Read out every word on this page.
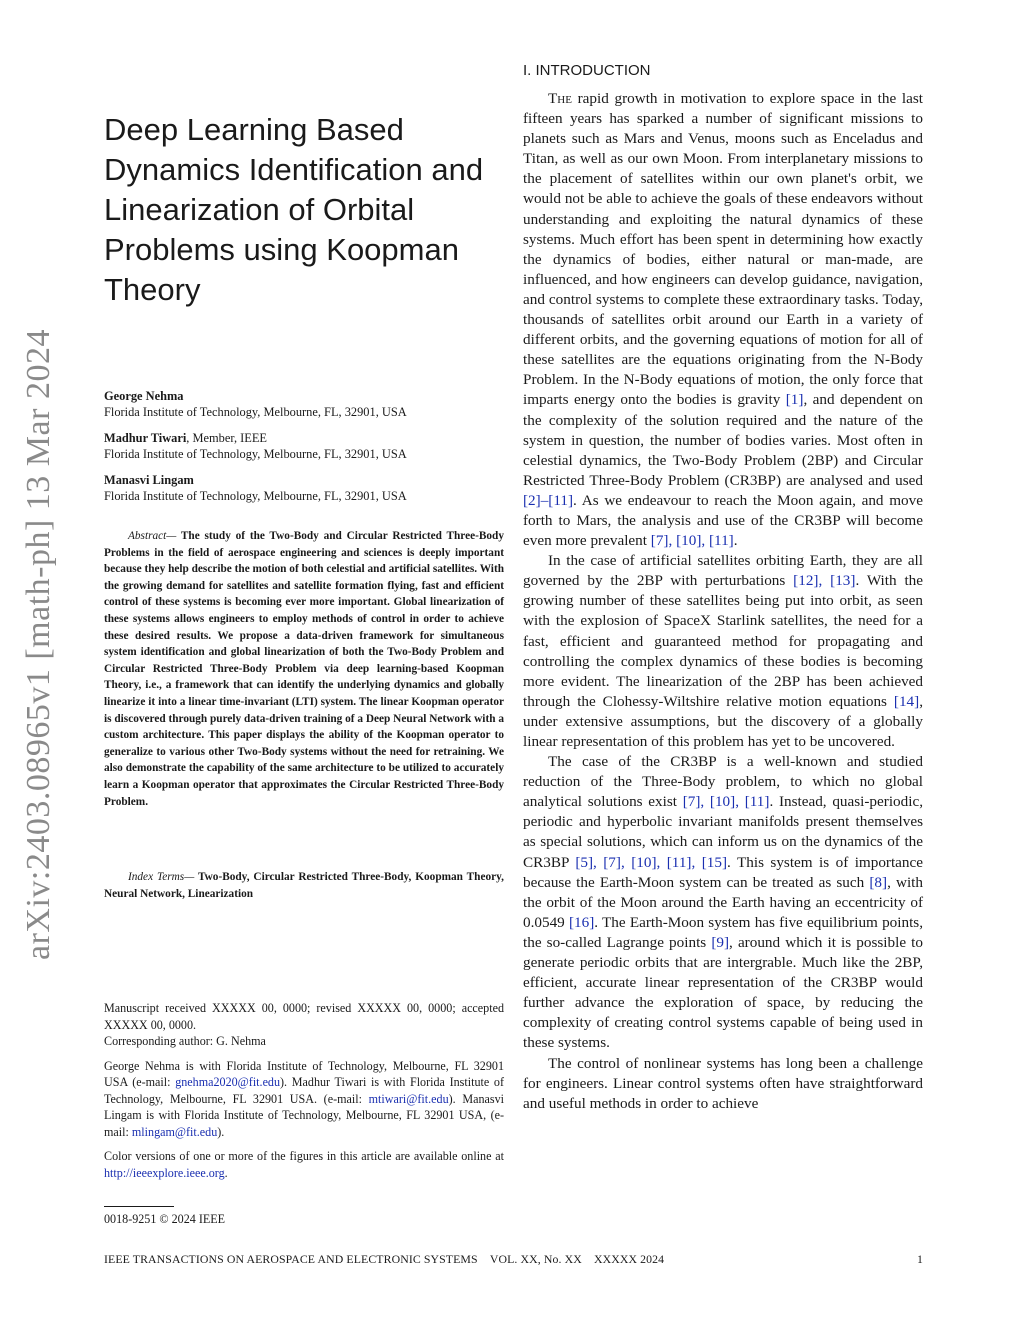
arXiv:2403.08965v1 [math-ph] 13 Mar 2024
Deep Learning Based Dynamics Identification and Linearization of Orbital Problems using Koopman Theory
George Nehma
Florida Institute of Technology, Melbourne, FL, 32901, USA
Madhur Tiwari, Member, IEEE
Florida Institute of Technology, Melbourne, FL, 32901, USA
Manasvi Lingam
Florida Institute of Technology, Melbourne, FL, 32901, USA

Abstract— The study of the Two-Body and Circular Restricted Three-Body Problems in the field of aerospace engineering and sciences is deeply important because they help describe the motion of both celestial and artificial satellites. With the growing demand for satellites and satellite formation flying, fast and efficient control of these systems is becoming ever more important. Global linearization of these systems allows engineers to employ methods of control in order to achieve these desired results. We propose a data-driven framework for simultaneous system identification and global linearization of both the Two-Body Problem and Circular Restricted Three-Body Problem via deep learning-based Koopman Theory, i.e., a framework that can identify the underlying dynamics and globally linearize it into a linear time-invariant (LTI) system. The linear Koopman operator is discovered through purely data-driven training of a Deep Neural Network with a custom architecture. This paper displays the ability of the Koopman operator to generalize to various other Two-Body systems without the need for retraining. We also demonstrate the capability of the same architecture to be utilized to accurately learn a Koopman operator that approximates the Circular Restricted Three-Body Problem.

Index Terms— Two-Body, Circular Restricted Three-Body, Koopman Theory, Neural Network, Linearization

Manuscript received XXXXX 00, 0000; revised XXXXX 00, 0000; accepted XXXXX 00, 0000.

Corresponding author: G. Nehma

George Nehma is with Florida Institute of Technology, Melbourne, FL 32901 USA (e-mail: gnehma2020@fit.edu). Madhur Tiwari is with Florida Institute of Technology, Melbourne, FL 32901 USA. (e-mail: mtiwari@fit.edu). Manasvi Lingam is with Florida Institute of Technology, Melbourne, FL 32901 USA, (e-mail: mlingam@fit.edu).

Color versions of one or more of the figures in this article are available online at http://ieeexplore.ieee.org.

0018-9251 © 2024 IEEE
I. INTRODUCTION

The rapid growth in motivation to explore space in the last fifteen years has sparked a number of significant missions to planets such as Mars and Venus, moons such as Enceladus and Titan, as well as our own Moon. From interplanetary missions to the placement of satellites within our own planet's orbit, we would not be able to achieve the goals of these endeavors without understanding and exploiting the natural dynamics of these systems. Much effort has been spent in determining how exactly the dynamics of bodies, either natural or man-made, are influenced, and how engineers can develop guidance, navigation, and control systems to complete these extraordinary tasks. Today, thousands of satellites orbit around our Earth in a variety of different orbits, and the governing equations of motion for all of these satellites are the equations originating from the N-Body Problem. In the N-Body equations of motion, the only force that imparts energy onto the bodies is gravity [1], and dependent on the complexity of the solution required and the nature of the system in question, the number of bodies varies. Most often in celestial dynamics, the Two-Body Problem (2BP) and Circular Restricted Three-Body Problem (CR3BP) are analysed and used [2]–[11]. As we endeavour to reach the Moon again, and move forth to Mars, the analysis and use of the CR3BP will become even more prevalent [7], [10], [11].

In the case of artificial satellites orbiting Earth, they are all governed by the 2BP with perturbations [12], [13]. With the growing number of these satellites being put into orbit, as seen with the explosion of SpaceX Starlink satellites, the need for a fast, efficient and guaranteed method for propagating and controlling the complex dynamics of these bodies is becoming more evident. The linearization of the 2BP has been achieved through the Clohessy-Wiltshire relative motion equations [14], under extensive assumptions, but the discovery of a globally linear representation of this problem has yet to be uncovered.

The case of the CR3BP is a well-known and studied reduction of the Three-Body problem, to which no global analytical solutions exist [7], [10], [11]. Instead, quasi-periodic, periodic and hyperbolic invariant manifolds present themselves as special solutions, which can inform us on the dynamics of the CR3BP [5], [7], [10], [11], [15]. This system is of importance because the Earth-Moon system can be treated as such [8], with the orbit of the Moon around the Earth having an eccentricity of 0.0549 [16]. The Earth-Moon system has five equilibrium points, the so-called Lagrange points [9], around which it is possible to generate periodic orbits that are intergrable. Much like the 2BP, efficient, accurate linear representation of the CR3BP would further advance the exploration of space, by reducing the complexity of creating control systems capable of being used in these systems.

The control of nonlinear systems has long been a challenge for engineers. Linear control systems often have straightforward and useful methods in order to achieve

IEEE TRANSACTIONS ON AEROSPACE AND ELECTRONIC SYSTEMS VOL. XX, No. XX XXXXX 2024	1
